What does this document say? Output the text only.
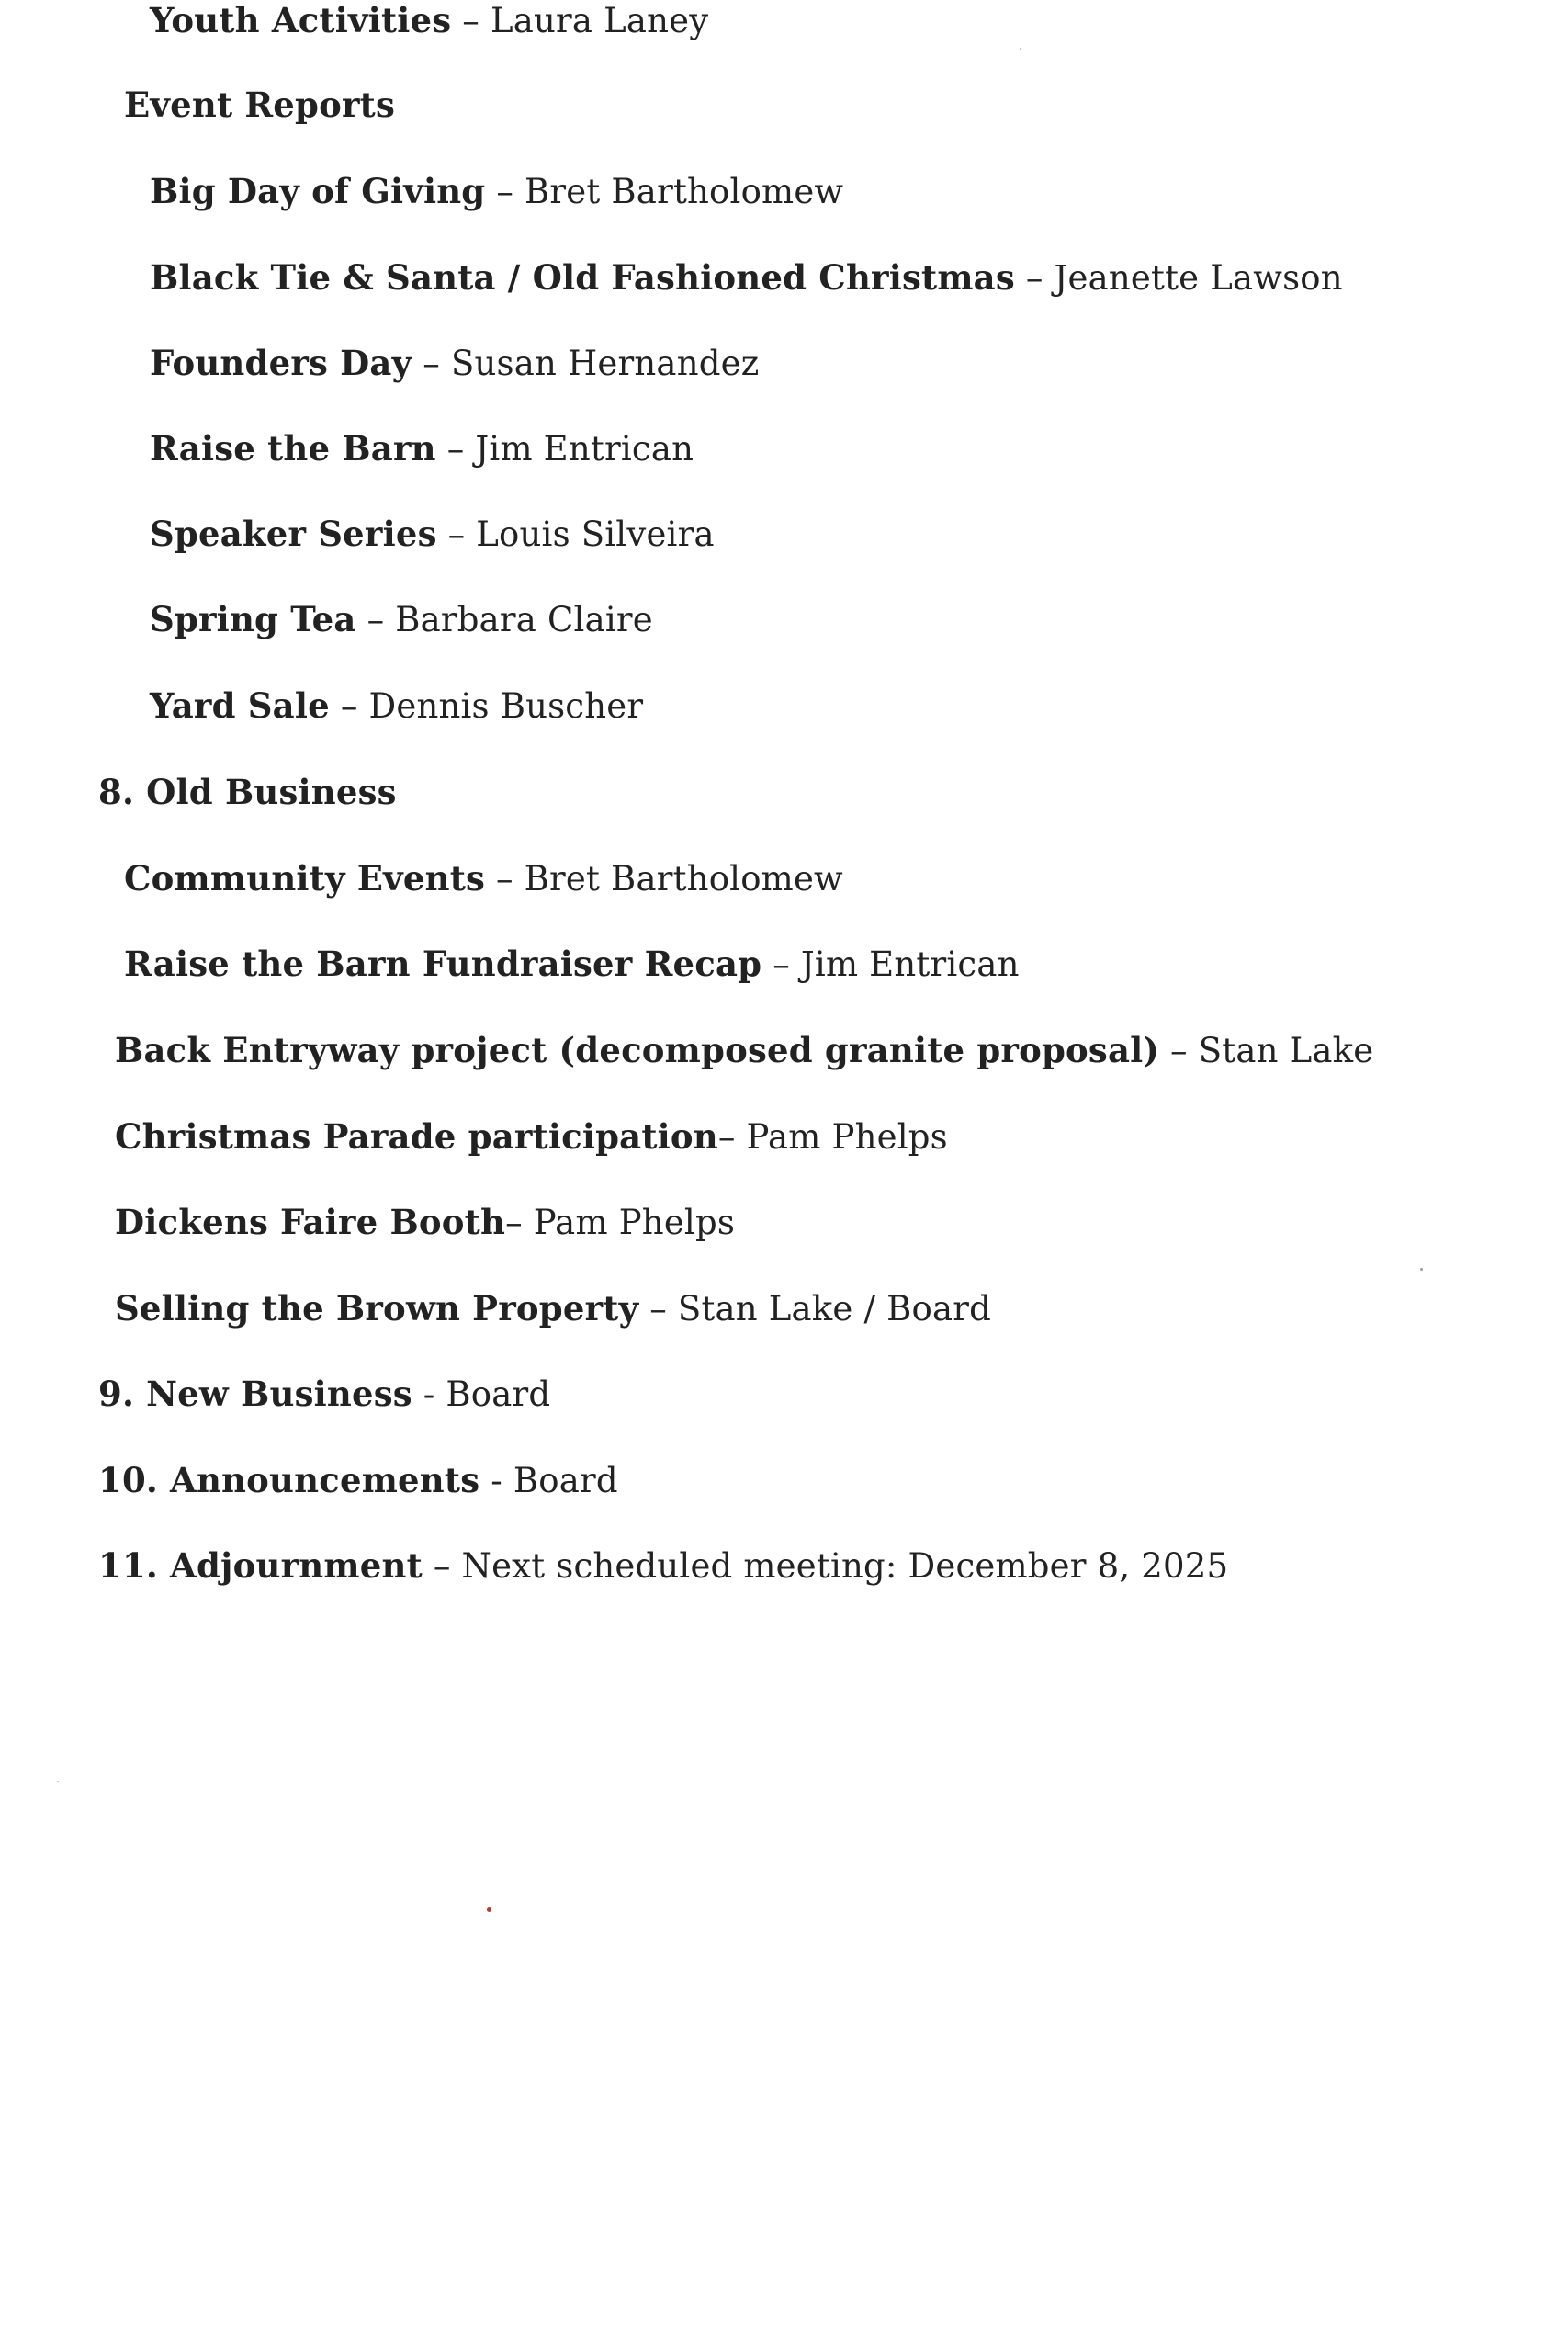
Youth Activities – Laura Laney
Event Reports
Big Day of Giving – Bret Bartholomew
Black Tie & Santa / Old Fashioned Christmas – Jeanette Lawson
Founders Day – Susan Hernandez
Raise the Barn – Jim Entrican
Speaker Series – Louis Silveira
Spring Tea – Barbara Claire
Yard Sale – Dennis Buscher
8. Old Business
Community Events – Bret Bartholomew
Raise the Barn Fundraiser Recap – Jim Entrican
Back Entryway project (decomposed granite proposal) – Stan Lake
Christmas Parade participation– Pam Phelps
Dickens Faire Booth– Pam Phelps
Selling the Brown Property – Stan Lake / Board
9. New Business - Board
10. Announcements - Board
11. Adjournment – Next scheduled meeting: December 8, 2025
